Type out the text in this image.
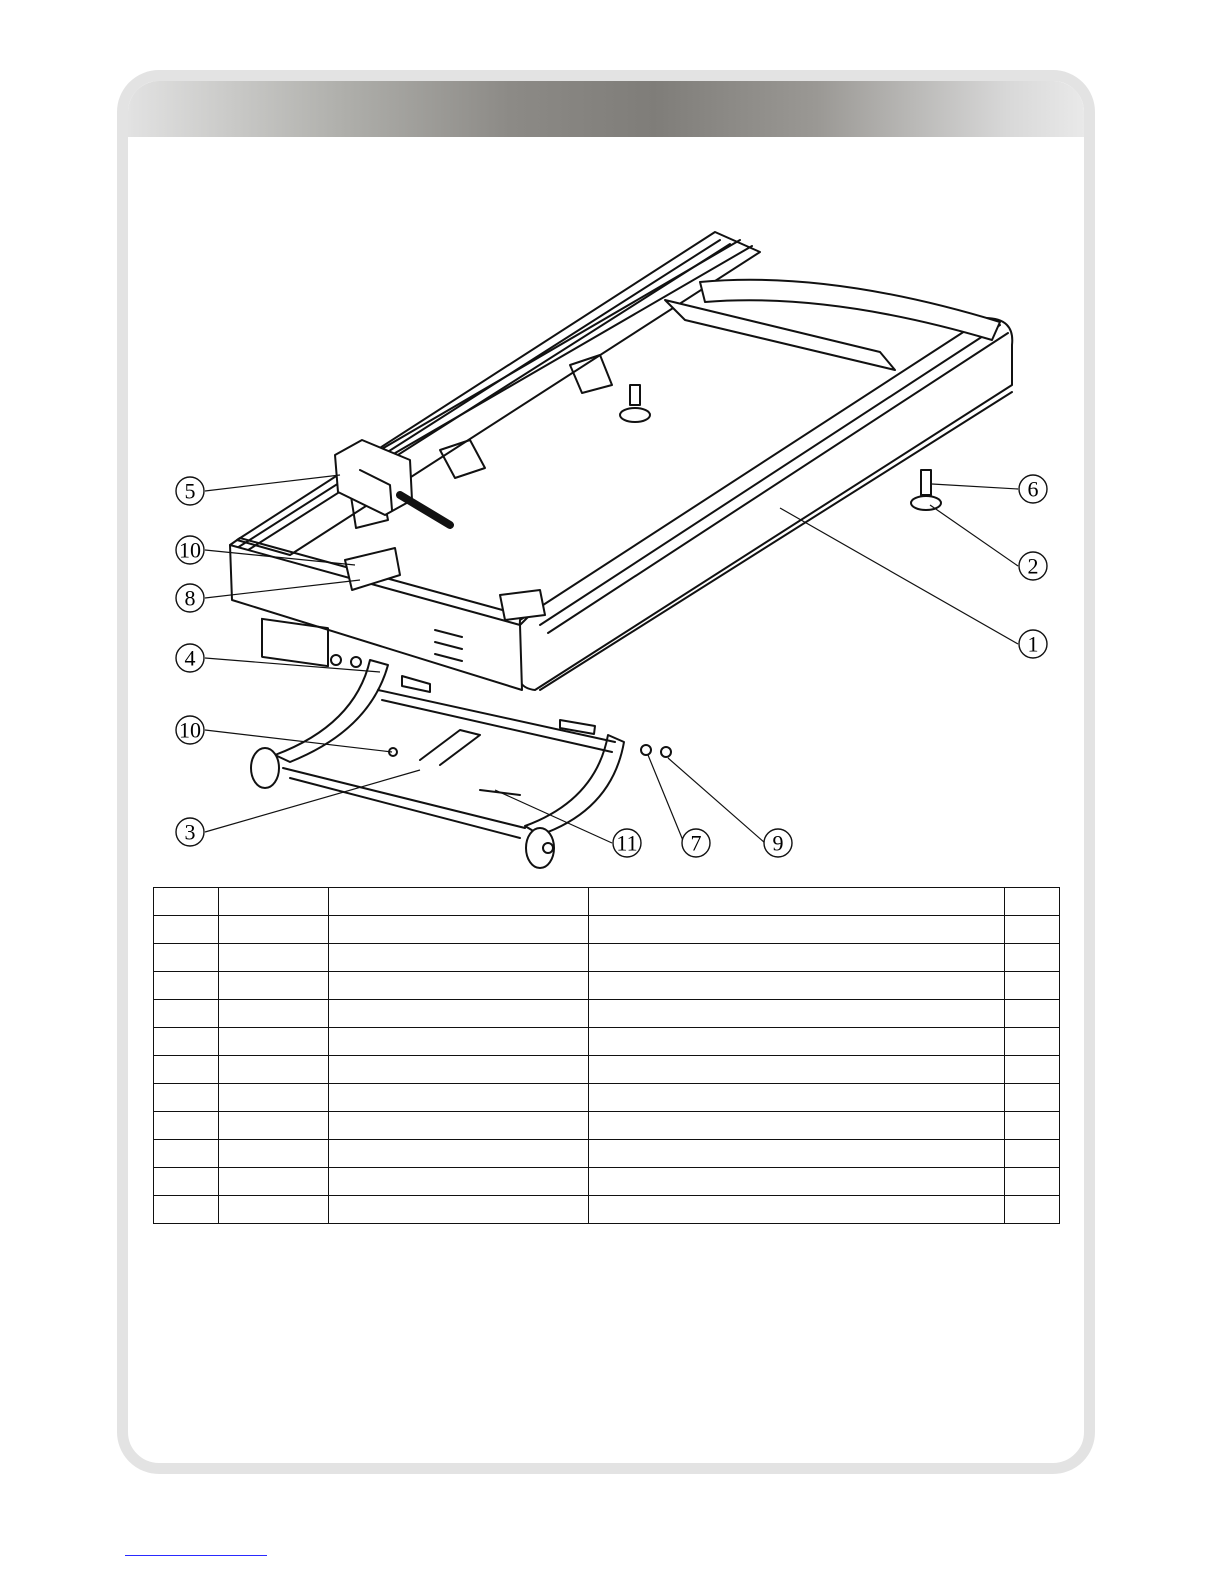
5
10
8
4
10
3
6
2
1
11 7	9
